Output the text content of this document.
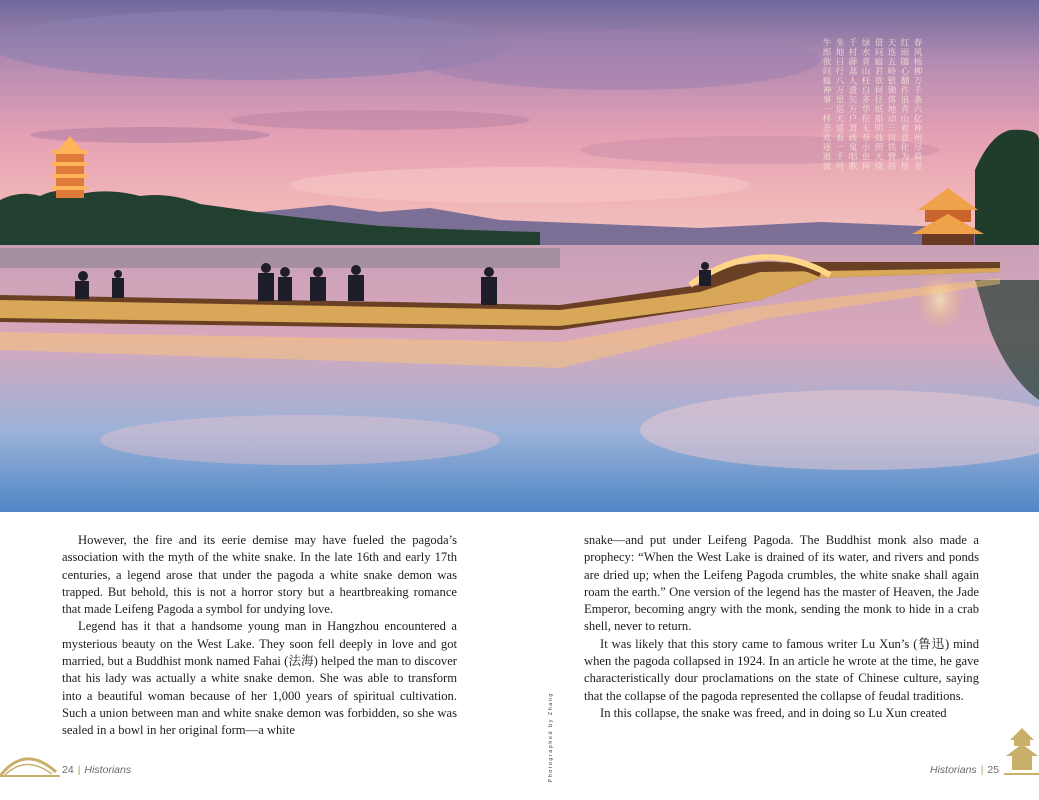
春风杨柳万千条六亿神州尽舜尧
红雨随心翻作浪青山着意化为桥
天连五岭银锄落地动三河铁臂摇
借问瘟君欲何往纸船明烛照天烧
绿水青山枉自多华佗无奈小虫何
千村薜荔人遗矢万户萧疏鬼唱歌
坐地日行八万里巡天遥看一千河
牛郎欲问瘟神事一样悲欢逐逝波

However, the fire and its eerie demise may have fueled the pagoda’s association with the myth of the white snake. In the late 16th and early 17th centuries, a legend arose that under the pagoda a white snake demon was trapped. But behold, this is not a horror story but a heartbreaking romance that made Leifeng Pagoda a symbol for undying love.

Legend has it that a handsome young man in Hangzhou encountered a mysterious beauty on the West Lake. They soon fell deeply in love and got married, but a Buddhist monk named Fahai (法海) helped the man to discover that his lady was actually a white snake demon. She was able to transform into a beautiful woman because of her 1,000 years of spiritual cultivation. Such a union between man and white snake demon was forbidden, so she was sealed in a bowl in her original form—a white	Photographed by Zhang

snake—and put under Leifeng Pagoda. The Buddhist monk also made a prophecy: “When the West Lake is drained of its water, and rivers and ponds are dried up; when the Leifeng Pagoda crumbles, the white snake shall again roam the earth.” One version of the legend has the master of Heaven, the Jade Emperor, becoming angry with the monk, sending the monk to hide in a crab shell, never to return.

It was likely that this story came to famous writer Lu Xun’s (鲁迅) mind when the pagoda collapsed in 1924. In an article he wrote at the time, he gave characteristically dour proclamations on the state of Chinese culture, saying that the collapse of the pagoda represented the collapse of feudal traditions.

In this collapse, the snake was freed, and in doing so Lu Xun created

24 | Historians	Historians | 25
